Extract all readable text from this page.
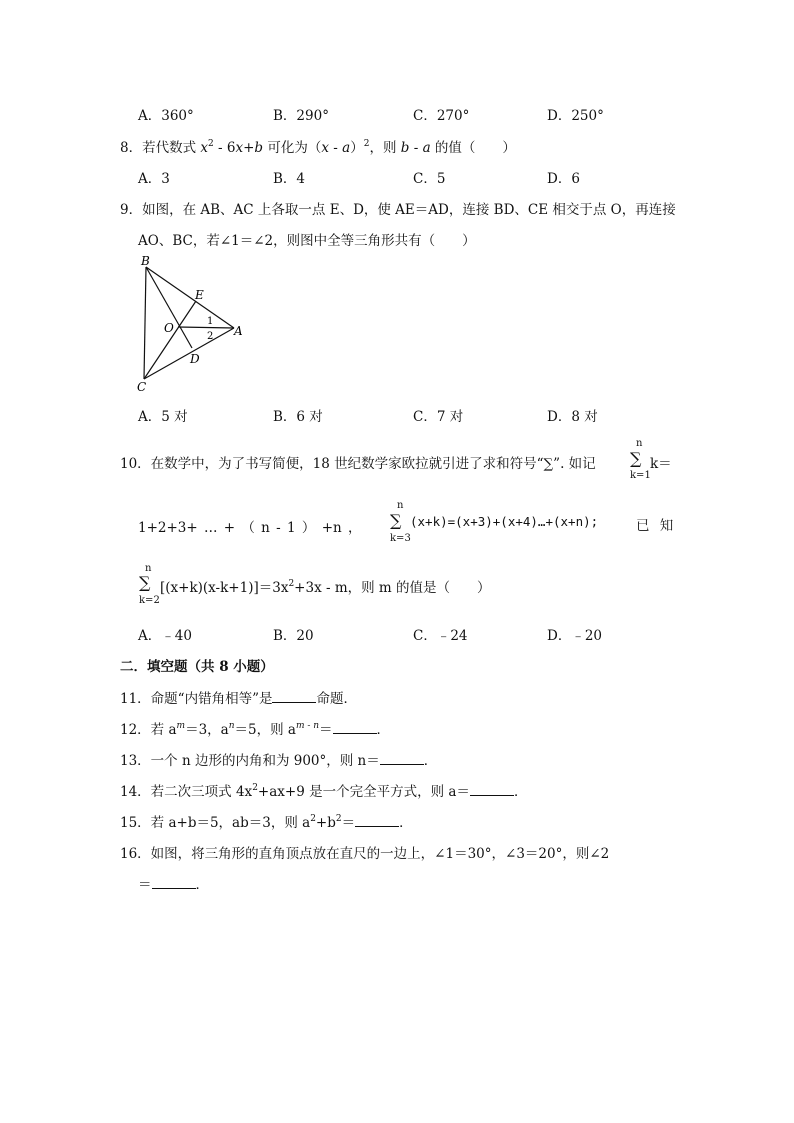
A．360°	B．290°	C．270°	D．250°
8．若代数式 $x^2 - 6x+b$ 可化为（x - a）$^2$，则 b - a 的值（　　）
A．3	B．4	C．5	D．6
9．如图，在 AB、AC 上各取一点 E、D，使 AE＝AD，连接 BD、CE 相交于点 O，再连接
AO、BC，若∠1＝∠2，则图中全等三角形共有（　　）
B
E
O	A
D
C
1
2
A．5 对	B．6 对	C．7 对	D．8 对
10．在数学中，为了书写简便，18 世纪数学家欧拉就引进了求和符号“∑”. 如记
n
∑
k=1
k＝
1+2+3+ … + （ n - 1 ） +n ，
n
∑
k=3
(x+k)=(x+3)+(x+4)…+(x+n);	已 知
n
∑
k=2
$[(x+k)(x-k+1)]=3x^2+3x - m$，则 m 的值是（　　）
A．﹣40	B．20	C．﹣24	D．﹣20
二．填空题（共 8 小题）
11．命题“内错角相等”是	命题．
12．若 $a^m=3$，$a^n=5$，则 $a^{m - n}=$	．
13．一个 n 边形的内角和为 900°，则 n＝	．
14．若二次三项式 $4x^2+ax+9$ 是一个完全平方式，则 a＝	．
15．若 a+b＝5，ab＝3，则 $a^2+b^2=$	．
16．如图，将三角形的直角顶点放在直尺的一边上，∠1＝30°，∠3＝20°，则∠2
＝	．
